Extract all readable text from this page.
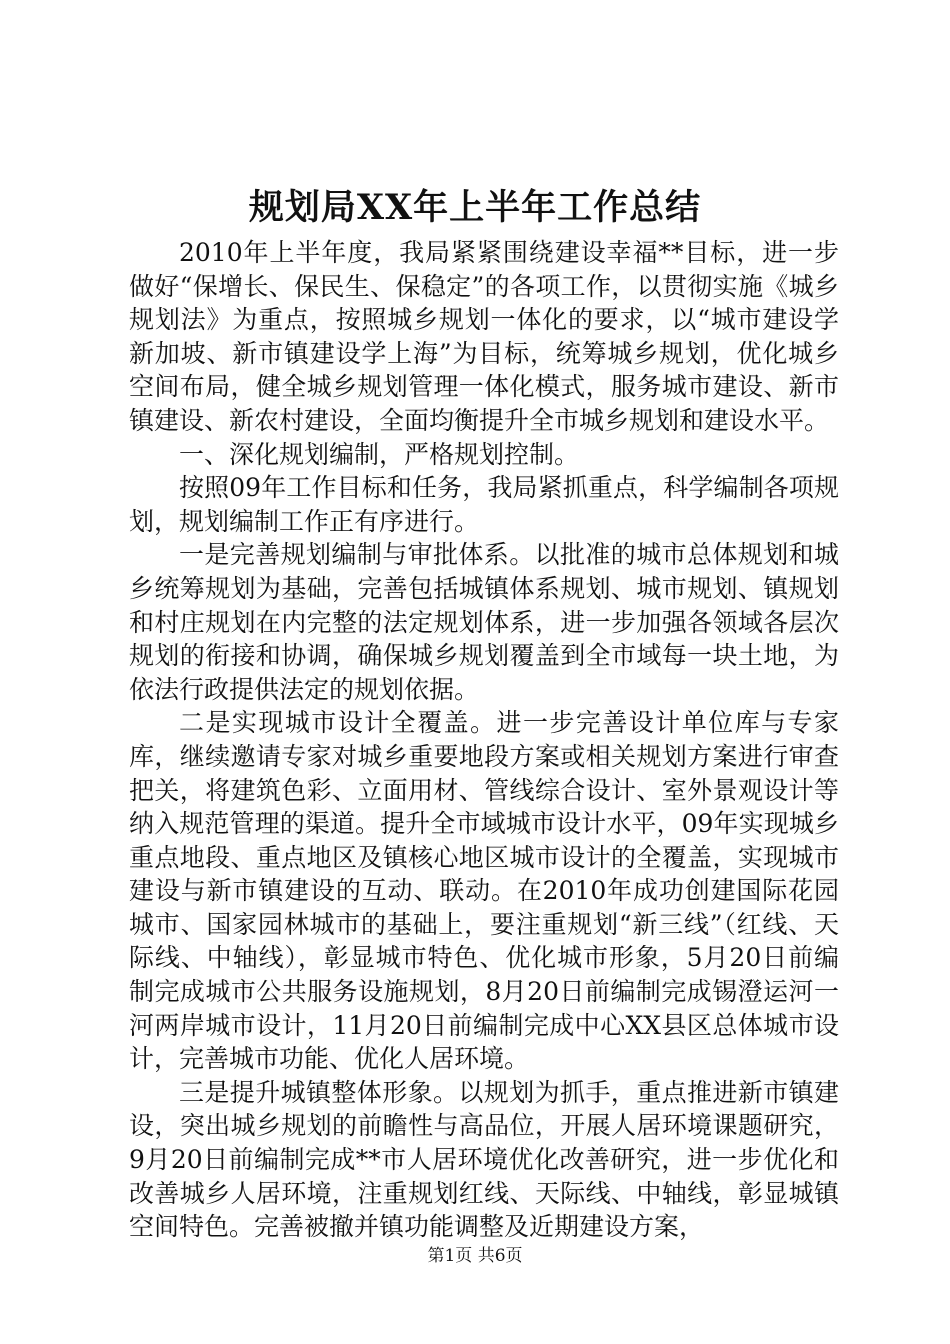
规划局XX年上半年工作总结

2010年上半年度，我局紧紧围绕建设幸福**目标，进一步做好“保增长、保民生、保稳定”的各项工作，以贯彻实施《城乡规划法》为重点，按照城乡规划一体化的要求，以“城市建设学新加坡、新市镇建设学上海”为目标，统筹城乡规划，优化城乡空间布局，健全城乡规划管理一体化模式，服务城市建设、新市镇建设、新农村建设，全面均衡提升全市城乡规划和建设水平。

一、深化规划编制，严格规划控制。

按照09年工作目标和任务，我局紧抓重点，科学编制各项规划，规划编制工作正有序进行。

一是完善规划编制与审批体系。以批准的城市总体规划和城乡统筹规划为基础，完善包括城镇体系规划、城市规划、镇规划和村庄规划在内完整的法定规划体系，进一步加强各领域各层次规划的衔接和协调，确保城乡规划覆盖到全市域每一块土地，为依法行政提供法定的规划依据。

二是实现城市设计全覆盖。进一步完善设计单位库与专家库，继续邀请专家对城乡重要地段方案或相关规划方案进行审查把关，将建筑色彩、立面用材、管线综合设计、室外景观设计等纳入规范管理的渠道。提升全市域城市设计水平，09年实现城乡重点地段、重点地区及镇核心地区城市设计的全覆盖，实现城市建设与新市镇建设的互动、联动。在2010年成功创建国际花园城市、国家园林城市的基础上，要注重规划“新三线”（红线、天际线、中轴线），彰显城市特色、优化城市形象，5月20日前编制完成城市公共服务设施规划，8月20日前编制完成锡澄运河一河两岸城市设计，11月20日前编制完成中心XX县区总体城市设计，完善城市功能、优化人居环境。

三是提升城镇整体形象。以规划为抓手，重点推进新市镇建设，突出城乡规划的前瞻性与高品位，开展人居环境课题研究，9月20日前编制完成**市人居环境优化改善研究，进一步优化和改善城乡人居环境，注重规划红线、天际线、中轴线，彰显城镇空间特色。完善被撤并镇功能调整及近期建设方案，

第1页 共6页
